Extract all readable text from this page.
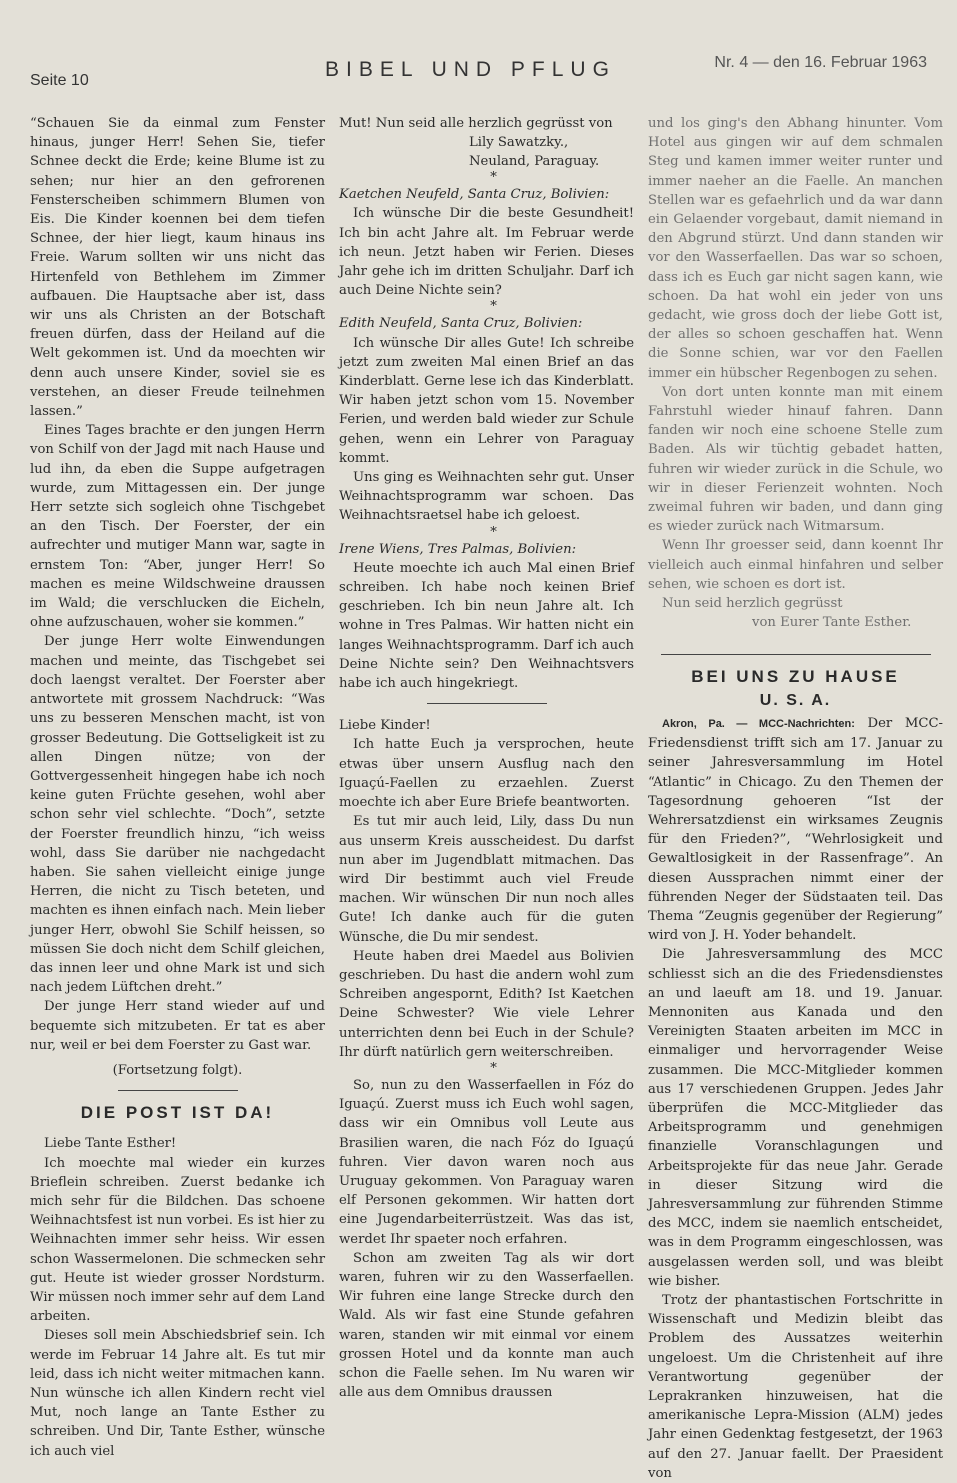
Seite 10	BIBEL UND PFLUG	Nr. 4 — den 16. Februar 1963

“Schauen Sie da einmal zum Fenster hinaus, junger Herr! Sehen Sie, tiefer Schnee deckt die Erde; keine Blume ist zu sehen; nur hier an den gefrorenen Fensterscheiben schimmern Blumen von Eis. Die Kinder koennen bei dem tiefen Schnee, der hier liegt, kaum hinaus ins Freie. Warum sollten wir uns nicht das Hirtenfeld von Bethlehem im Zimmer aufbauen. Die Hauptsache aber ist, dass wir uns als Christen an der Botschaft freuen dürfen, dass der Heiland auf die Welt gekommen ist. Und da moechten wir denn auch unsere Kinder, soviel sie es verstehen, an dieser Freude teilnehmen lassen.”

Eines Tages brachte er den jungen Herrn von Schilf von der Jagd mit nach Hause und lud ihn, da eben die Suppe aufgetragen wurde, zum Mittagessen ein. Der junge Herr setzte sich sogleich ohne Tischgebet an den Tisch. Der Foerster, der ein aufrechter und mutiger Mann war, sagte in ernstem Ton: “Aber, junger Herr! So machen es meine Wildschweine draussen im Wald; die verschlucken die Eicheln, ohne aufzuschauen, woher sie kommen.”

Der junge Herr wolte Einwendungen machen und meinte, das Tischgebet sei doch laengst veraltet. Der Foerster aber antwortete mit grossem Nachdruck: “Was uns zu besseren Menschen macht, ist von grosser Bedeutung. Die Gottseligkeit ist zu allen Dingen nütze; von der Gottvergessenheit hingegen habe ich noch keine guten Früchte gesehen, wohl aber schon sehr viel schlechte. “Doch”, setzte der Foerster freundlich hinzu, “ich weiss wohl, dass Sie darüber nie nachgedacht haben. Sie sahen vielleicht einige junge Herren, die nicht zu Tisch beteten, und machten es ihnen einfach nach. Mein lieber junger Herr, obwohl Sie Schilf heissen, so müssen Sie doch nicht dem Schilf gleichen, das innen leer und ohne Mark ist und sich nach jedem Lüftchen dreht.”

Der junge Herr stand wieder auf und bequemte sich mitzubeten. Er tat es aber nur, weil er bei dem Foerster zu Gast war.

(Fortsetzung folgt).

DIE POST IST DA!

Liebe Tante Esther!

Ich moechte mal wieder ein kurzes Brieflein schreiben. Zuerst bedanke ich mich sehr für die Bildchen. Das schoene Weihnachtsfest ist nun vorbei. Es ist hier zu Weihnachten immer sehr heiss. Wir essen schon Wassermelonen. Die schmecken sehr gut. Heute ist wieder grosser Nordsturm. Wir müssen noch immer sehr auf dem Land arbeiten.

Dieses soll mein Abschiedsbrief sein. Ich werde im Februar 14 Jahre alt. Es tut mir leid, dass ich nicht weiter mitmachen kann. Nun wünsche ich allen Kindern recht viel Mut, noch lange an Tante Esther zu schreiben. Und Dir, Tante Esther, wünsche ich auch viel

Mut! Nun seid alle herzlich gegrüsst von

Lily Sawatzky.,
Neuland, Paraguay.

*

Kaetchen Neufeld, Santa Cruz, Bolivien:

Ich wünsche Dir die beste Gesundheit! Ich bin acht Jahre alt. Im Februar werde ich neun. Jetzt haben wir Ferien. Dieses Jahr gehe ich im dritten Schuljahr. Darf ich auch Deine Nichte sein?

*

Edith Neufeld, Santa Cruz, Bolivien:

Ich wünsche Dir alles Gute! Ich schreibe jetzt zum zweiten Mal einen Brief an das Kinderblatt. Gerne lese ich das Kinderblatt. Wir haben jetzt schon vom 15. November Ferien, und werden bald wieder zur Schule gehen, wenn ein Lehrer von Paraguay kommt.

Uns ging es Weihnachten sehr gut. Unser Weihnachtsprogramm war schoen. Das Weihnachtsraetsel habe ich geloest.

*

Irene Wiens, Tres Palmas, Bolivien:

Heute moechte ich auch Mal einen Brief schreiben. Ich habe noch keinen Brief geschrieben. Ich bin neun Jahre alt. Ich wohne in Tres Palmas. Wir hatten nicht ein langes Weihnachtsprogramm. Darf ich auch Deine Nichte sein? Den Weihnachtsvers habe ich auch hingekriegt.

Liebe Kinder!

Ich hatte Euch ja versprochen, heute etwas über unsern Ausflug nach den Iguaçú-Faellen zu erzaehlen. Zuerst moechte ich aber Eure Briefe beantworten.

Es tut mir auch leid, Lily, dass Du nun aus unserm Kreis ausscheidest. Du darfst nun aber im Jugendblatt mitmachen. Das wird Dir bestimmt auch viel Freude machen. Wir wünschen Dir nun noch alles Gute! Ich danke auch für die guten Wünsche, die Du mir sendest.

Heute haben drei Maedel aus Bolivien geschrieben. Du hast die andern wohl zum Schreiben angespornt, Edith? Ist Kaetchen Deine Schwester? Wie viele Lehrer unterrichten denn bei Euch in der Schule? Ihr dürft natürlich gern weiterschreiben.

*

So, nun zu den Wasserfaellen in Fóz do Iguaçú. Zuerst muss ich Euch wohl sagen, dass wir ein Omnibus voll Leute aus Brasilien waren, die nach Fóz do Iguaçú fuhren. Vier davon waren noch aus Uruguay gekommen. Von Paraguay waren elf Personen gekommen. Wir hatten dort eine Jugendarbeiterrüstzeit. Was das ist, werdet Ihr spaeter noch erfahren.

Schon am zweiten Tag als wir dort waren, fuhren wir zu den Wasserfaellen. Wir fuhren eine lange Strecke durch den Wald. Als wir fast eine Stunde gefahren waren, standen wir mit einmal vor einem grossen Hotel und da konnte man auch schon die Faelle sehen. Im Nu waren wir alle aus dem Omnibus draussen

und los ging's den Abhang hinunter. Vom Hotel aus gingen wir auf dem schmalen Steg und kamen immer weiter runter und immer naeher an die Faelle. An manchen Stellen war es gefaehrlich und da war dann ein Gelaender vorgebaut, damit niemand in den Abgrund stürzt. Und dann standen wir vor den Wasserfaellen. Das war so schoen, dass ich es Euch gar nicht sagen kann, wie schoen. Da hat wohl ein jeder von uns gedacht, wie gross doch der liebe Gott ist, der alles so schoen geschaffen hat. Wenn die Sonne schien, war vor den Faellen immer ein hübscher Regenbogen zu sehen.

Von dort unten konnte man mit einem Fahrstuhl wieder hinauf fahren. Dann fanden wir noch eine schoene Stelle zum Baden. Als wir tüchtig gebadet hatten, fuhren wir wieder zurück in die Schule, wo wir in dieser Ferienzeit wohnten. Noch zweimal fuhren wir baden, und dann ging es wieder zurück nach Witmarsum.

Wenn Ihr groesser seid, dann koennt Ihr vielleich auch einmal hinfahren und selber sehen, wie schoen es dort ist.

Nun seid herzlich gegrüsst

von Eurer Tante Esther.

BEI UNS ZU HAUSE
U. S. A.

Akron, Pa. — MCC-Nachrichten: Der MCC-Friedensdienst trifft sich am 17. Januar zu seiner Jahresversammlung im Hotel “Atlantic” in Chicago. Zu den Themen der Tagesordnung gehoeren “Ist der Wehrersatzdienst ein wirksames Zeugnis für den Frieden?”, “Wehrlosigkeit und Gewaltlosigkeit in der Rassenfrage”. An diesen Aussprachen nimmt einer der führenden Neger der Südstaaten teil. Das Thema “Zeugnis gegenüber der Regierung” wird von J. H. Yoder behandelt.

Die Jahresversammlung des MCC schliesst sich an die des Friedensdienstes an und laeuft am 18. und 19. Januar. Mennoniten aus Kanada und den Vereinigten Staaten arbeiten im MCC in einmaliger und hervorragender Weise zusammen. Die MCC-Mitglieder kommen aus 17 verschiedenen Gruppen. Jedes Jahr überprüfen die MCC-Mitglieder das Arbeitsprogramm und genehmigen finanzielle Voranschlagungen und Arbeitsprojekte für das neue Jahr. Gerade in dieser Sitzung wird die Jahresversammlung zur führenden Stimme des MCC, indem sie naemlich entscheidet, was in dem Programm eingeschlossen, was ausgelassen werden soll, und was bleibt wie bisher.

Trotz der phantastischen Fortschritte in Wissenschaft und Medizin bleibt das Problem des Aussatzes weiterhin ungeloest. Um die Christenheit auf ihre Verantwortung gegenüber der Leprakranken hinzuweisen, hat die amerikanische Lepra-Mission (ALM) jedes Jahr einen Gedenktag festgesetzt, der 1963 auf den 27. Januar faellt. Der Praesident von
